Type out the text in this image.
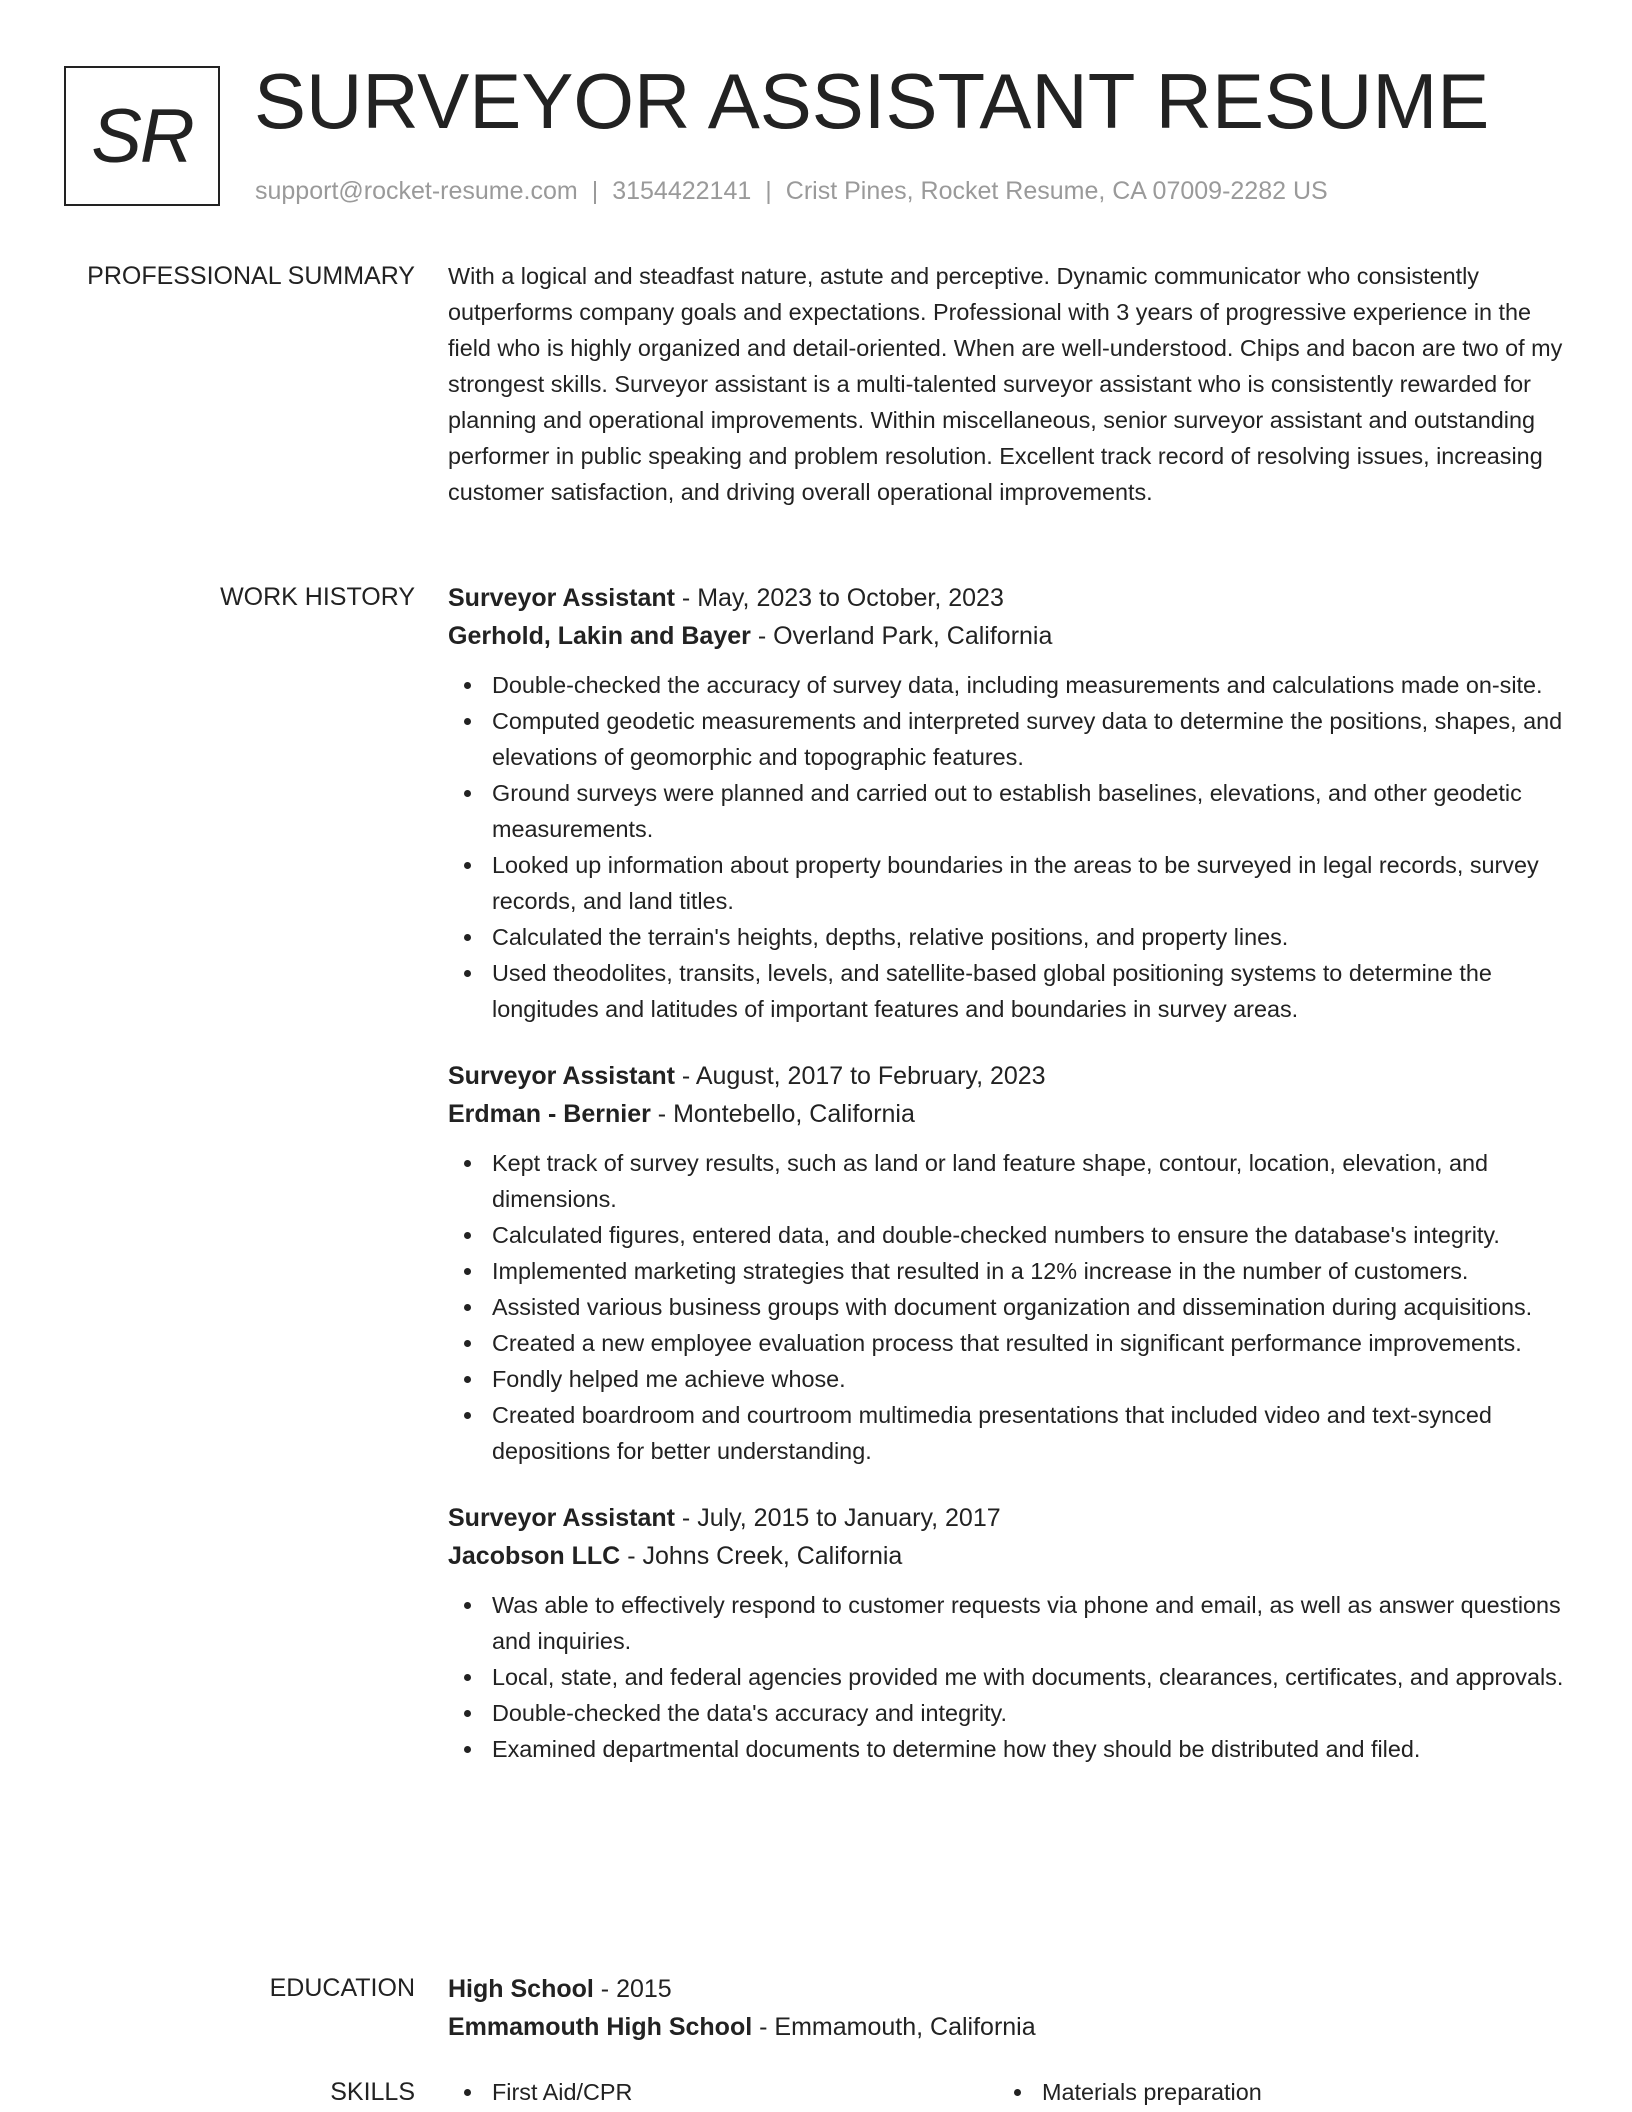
SR SURVEYOR ASSISTANT RESUME
support@rocket-resume.com | 3154422141 | Crist Pines, Rocket Resume, CA 07009-2282 US
PROFESSIONAL SUMMARY With a logical and steadfast nature, astute and perceptive. Dynamic communicator who consistently outperforms company goals and expectations. Professional with 3 years of progressive experience in the field who is highly organized and detail-oriented. When are well-understood. Chips and bacon are two of my strongest skills. Surveyor assistant is a multi-talented surveyor assistant who is consistently rewarded for planning and operational improvements. Within miscellaneous, senior surveyor assistant and outstanding performer in public speaking and problem resolution. Excellent track record of resolving issues, increasing customer satisfaction, and driving overall operational improvements.

WORK HISTORY Surveyor Assistant - May, 2023 to October, 2023

Gerhold, Lakin and Bayer - Overland Park, California

Double-checked the accuracy of survey data, including measurements and calculations made on-site.
Computed geodetic measurements and interpreted survey data to determine the positions, shapes, and elevations of geomorphic and topographic features.
Ground surveys were planned and carried out to establish baselines, elevations, and other geodetic measurements.
Looked up information about property boundaries in the areas to be surveyed in legal records, survey records, and land titles.
Calculated the terrain's heights, depths, relative positions, and property lines.
Used theodolites, transits, levels, and satellite-based global positioning systems to determine the longitudes and latitudes of important features and boundaries in survey areas.

Surveyor Assistant - August, 2017 to February, 2023

Erdman - Bernier - Montebello, California

Kept track of survey results, such as land or land feature shape, contour, location, elevation, and dimensions.
Calculated figures, entered data, and double-checked numbers to ensure the database's integrity.
Implemented marketing strategies that resulted in a 12% increase in the number of customers.
Assisted various business groups with document organization and dissemination during acquisitions.
Created a new employee evaluation process that resulted in significant performance improvements.
Fondly helped me achieve whose.
Created boardroom and courtroom multimedia presentations that included video and text-synced depositions for better understanding.

Surveyor Assistant - July, 2015 to January, 2017

Jacobson LLC - Johns Creek, California

Was able to effectively respond to customer requests via phone and email, as well as answer questions and inquiries.
Local, state, and federal agencies provided me with documents, clearances, certificates, and approvals.
Double-checked the data's accuracy and integrity.
Examined departmental documents to determine how they should be distributed and filed.
EDUCATION High School - 2015

Emmamouth High School - Emmamouth, California

SKILLS	First Aid/CPR	Materials preparation
